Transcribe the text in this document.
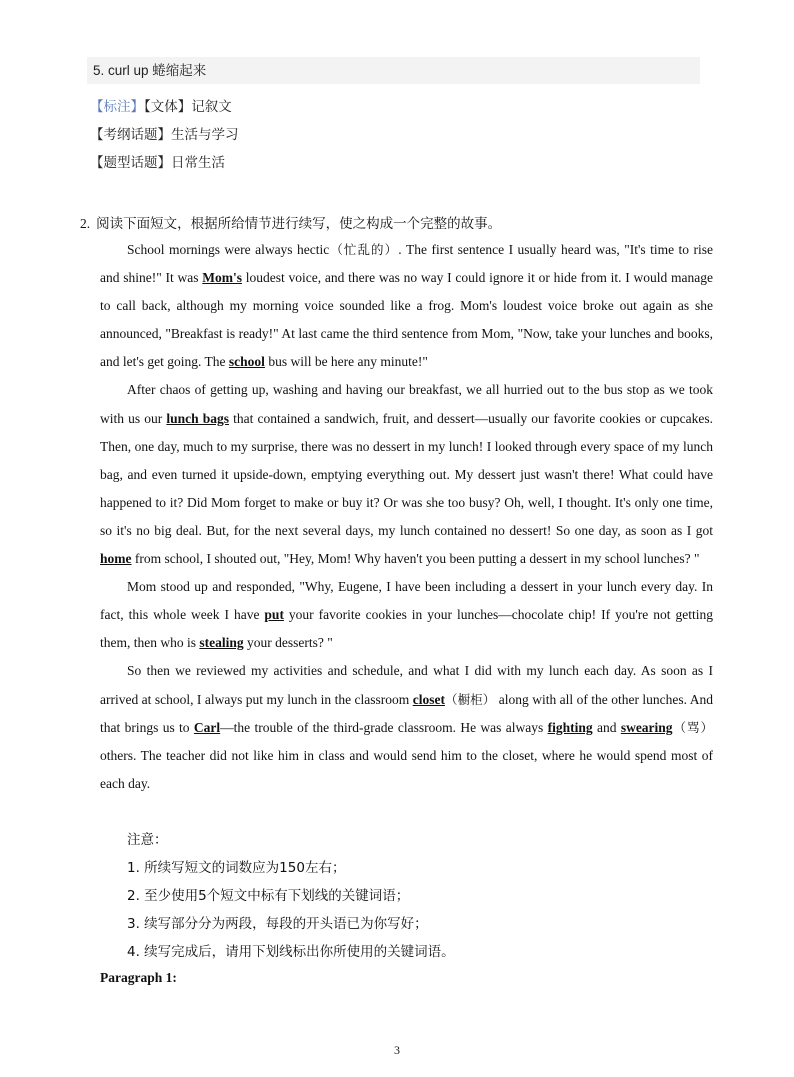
5. curl up 蜷缩起来
【标注】【文体】记叙文
【考纲话题】生活与学习
【题型话题】日常生活
2. 阅读下面短文，根据所给情节进行续写，使之构成一个完整的故事。

School mornings were always hectic（忙乱的）. The first sentence I usually heard was, "It's time to rise and shine!" It was Mom's loudest voice, and there was no way I could ignore it or hide from it. I would manage to call back, although my morning voice sounded like a frog. Mom's loudest voice broke out again as she announced, "Breakfast is ready!" At last came the third sentence from Mom, "Now, take your lunches and books, and let's get going. The school bus will be here any minute!"

After chaos of getting up, washing and having our breakfast, we all hurried out to the bus stop as we took with us our lunch bags that contained a sandwich, fruit, and dessert—usually our favorite cookies or cupcakes. Then, one day, much to my surprise, there was no dessert in my lunch! I looked through every space of my lunch bag, and even turned it upside-down, emptying everything out. My dessert just wasn't there! What could have happened to it? Did Mom forget to make or buy it? Or was she too busy? Oh, well, I thought. It's only one time, so it's no big deal. But, for the next several days, my lunch contained no dessert! So one day, as soon as I got home from school, I shouted out, "Hey, Mom! Why haven't you been putting a dessert in my school lunches? "

Mom stood up and responded, "Why, Eugene, I have been including a dessert in your lunch every day. In fact, this whole week I have put your favorite cookies in your lunches—chocolate chip! If you're not getting them, then who is stealing your desserts? "

So then we reviewed my activities and schedule, and what I did with my lunch each day. As soon as I arrived at school, I always put my lunch in the classroom closet（橱柜） along with all of the other lunches. And that brings us to Carl—the trouble of the third-grade classroom. He was always fighting and swearing（骂） others. The teacher did not like him in class and would send him to the closet, where he would spend most of each day.

注意：
1. 所续写短文的词数应为150左右；
2. 至少使用5个短文中标有下划线的关键词语；
3. 续写部分分为两段，每段的开头语已为你写好；
4. 续写完成后，请用下划线标出你所使用的关键词语。
Paragraph 1:
3
